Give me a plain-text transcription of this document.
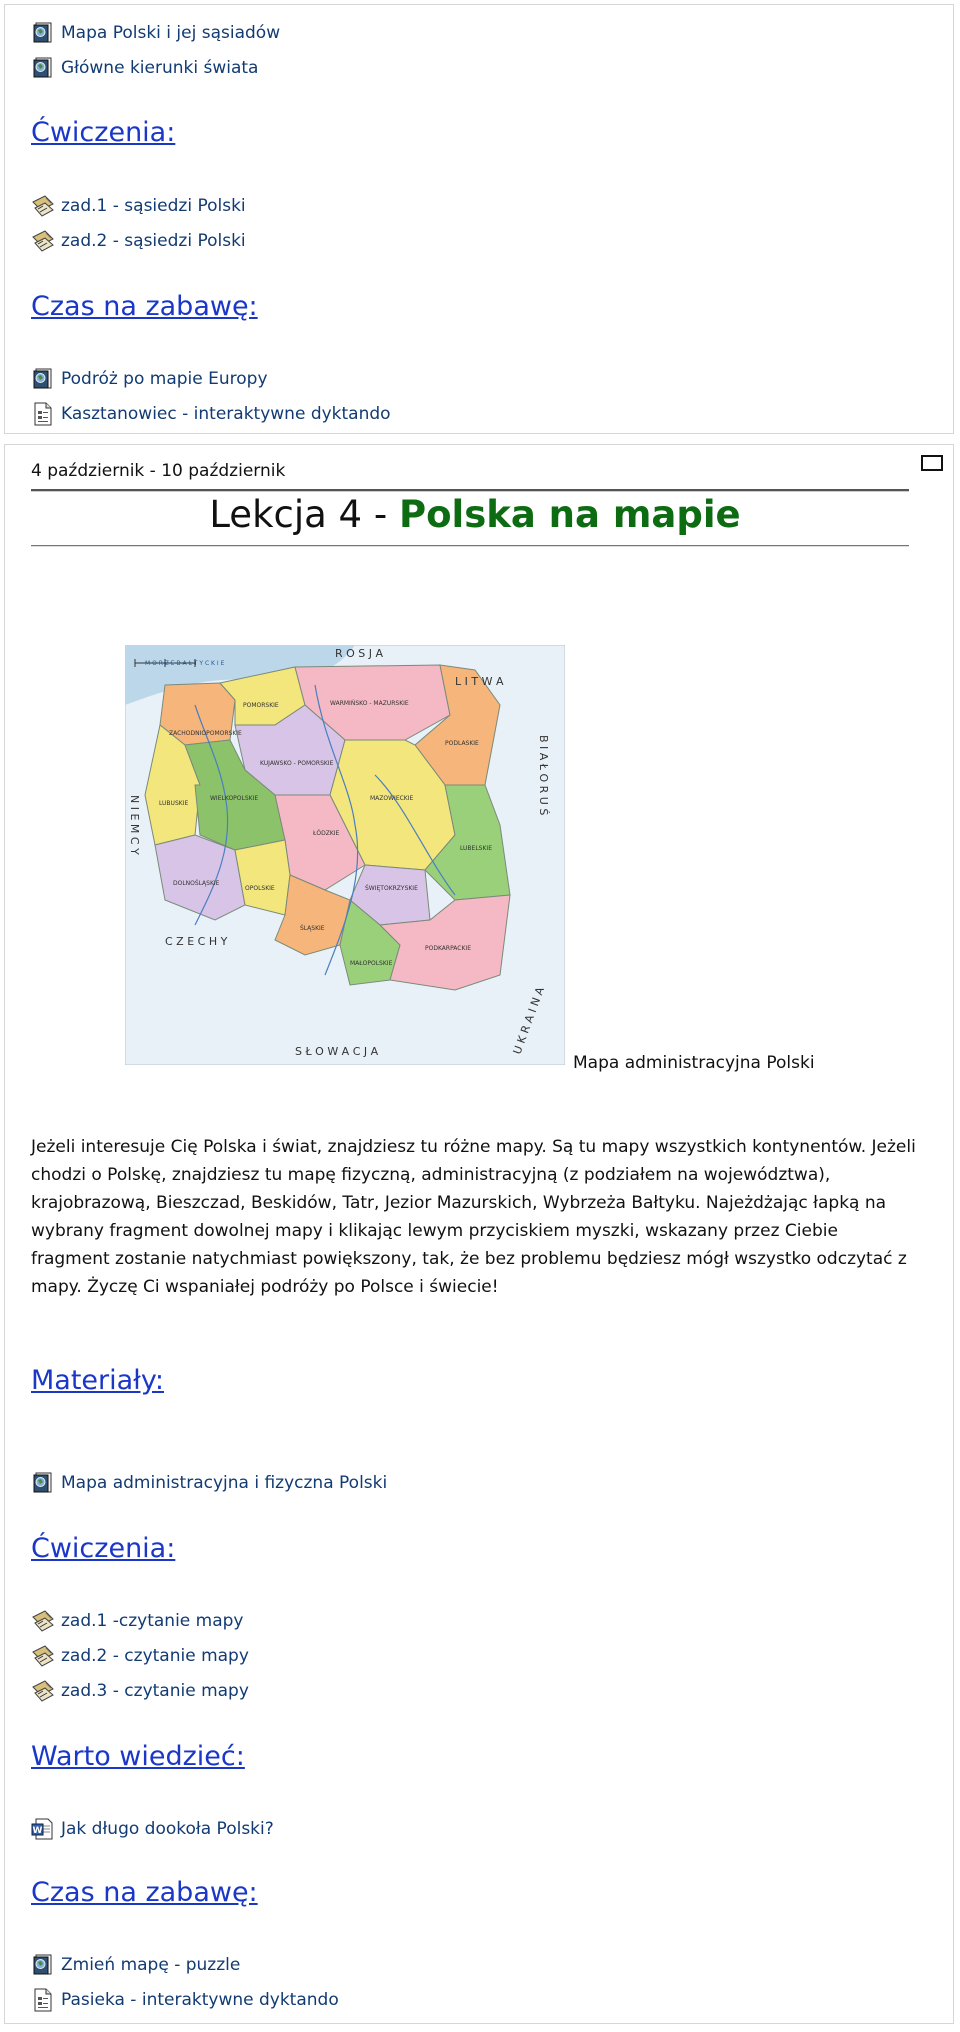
Mapa Polski i jej sąsiadów
Główne kierunki świata
Ćwiczenia:
zad.1 - sąsiedzi Polski
zad.2 - sąsiedzi Polski
Czas na zabawę:
Podróż po mapie Europy
Kasztanowiec - interaktywne dyktando
4 październik - 10 październik
Lekcja 4 - Polska na mapie
R O S J A
L I T W A
M O R Z E B A Ł T Y C K I E
N I E M C Y
B I A Ł O R U Ś
C Z E C H Y
S Ł O W A C J A	U K R A I N A
POMORSKIE	WARMIŃSKO - MAZURSKIE
ZACHODNIOPOMORSKIE
PODLASKIE
KUJAWSKO - POMORSKIE
MAZOWIECKIE
LUBUSKIE
WIELKOPOLSKIE
ŁÓDZKIE
LUBELSKIE
DOLNOŚLĄSKIE
OPOLSKIE	ŚWIĘTOKRZYSKIE
ŚLĄSKIE
MAŁOPOLSKIE
PODKARPACKIE
Mapa administracyjna Polski

Jeżeli interesuje Cię Polska i świat, znajdziesz tu różne mapy. Są tu mapy wszystkich kontynentów. Jeżeli chodzi o Polskę, znajdziesz tu mapę fizyczną, administracyjną (z podziałem na województwa), krajobrazową, Bieszczad, Beskidów, Tatr, Jezior Mazurskich, Wybrzeża Bałtyku. Najeżdżając łapką na wybrany fragment dowolnej mapy i klikając lewym przyciskiem myszki, wskazany przez Ciebie fragment zostanie natychmiast powiększony, tak, że bez problemu będziesz mógł wszystko odczytać z mapy. Życzę Ci wspaniałej podróży po Polsce i świecie!

Materiały:
Mapa administracyjna i fizyczna Polski
Ćwiczenia:
zad.1 -czytanie mapy
zad.2 - czytanie mapy
zad.3 - czytanie mapy
Warto wiedzieć:
W Jak długo dookoła Polski?
Czas na zabawę:
Zmień mapę - puzzle
Pasieka - interaktywne dyktando
